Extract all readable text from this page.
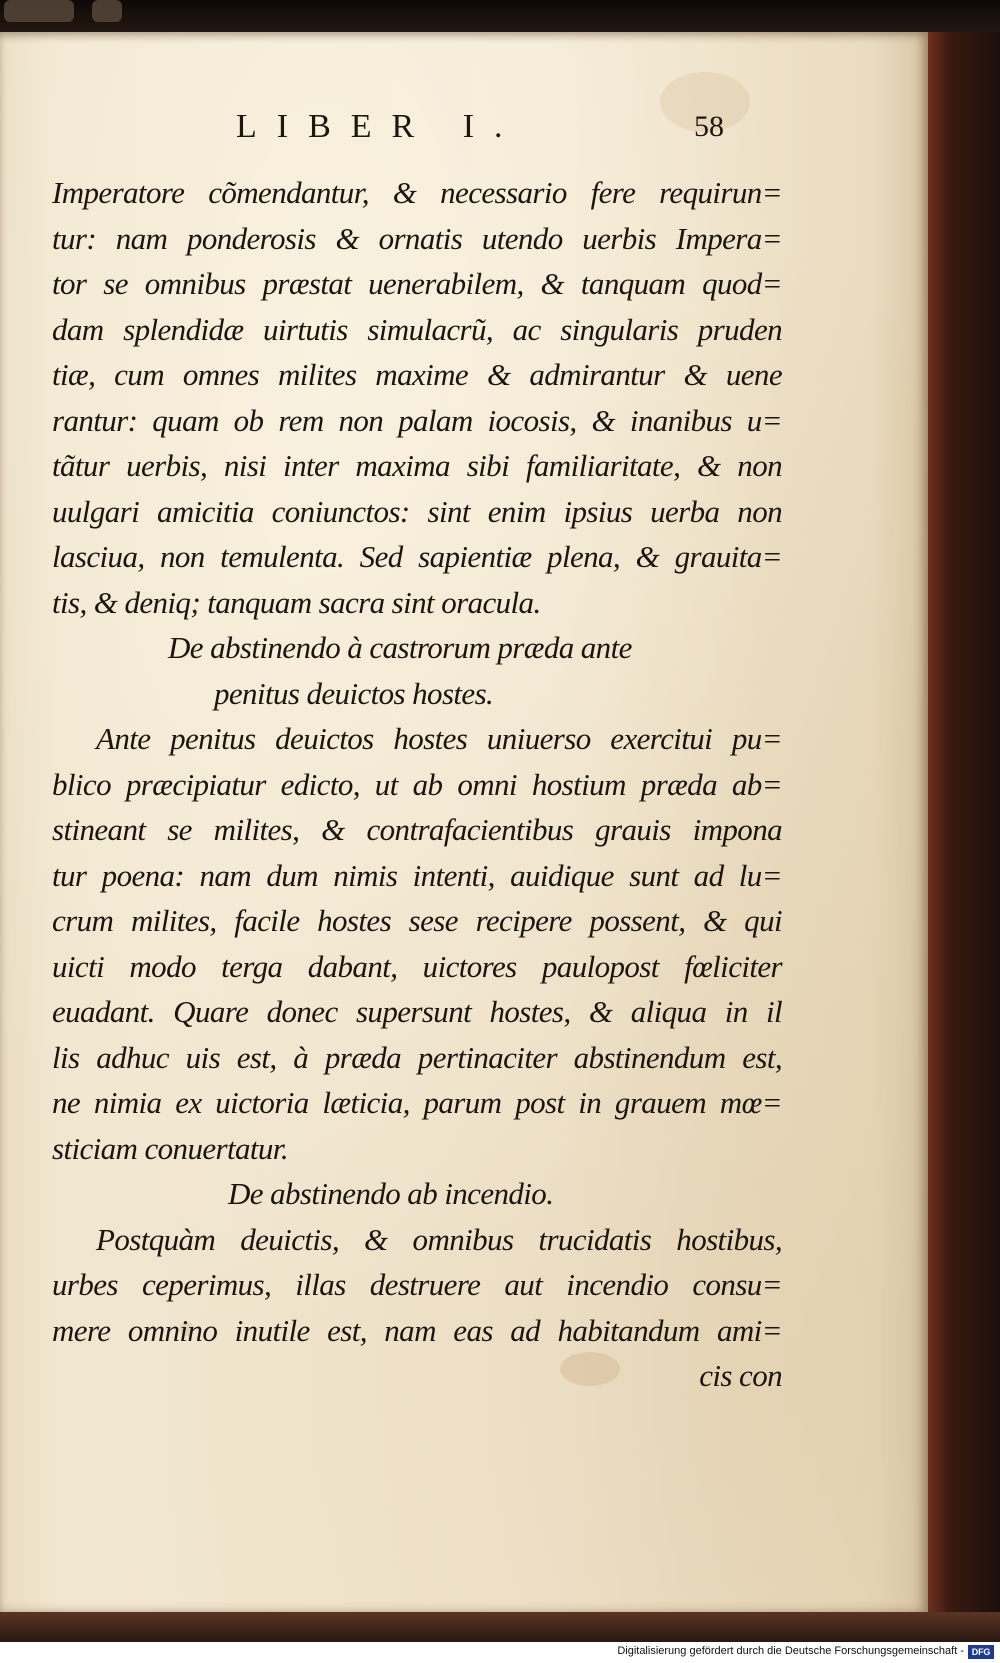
LIBER I.	58
Imperatore cõmendantur, & necessario fere requirun=
tur: nam ponderosis & ornatis utendo uerbis Impera=
tor se omnibus præstat uenerabilem, & tanquam quod=
dam splendidæ uirtutis simulacrũ, ac singularis pruden
tiæ, cum omnes milites maxime & admirantur & uene
rantur: quam ob rem non palam iocosis, & inanibus u=
tãtur uerbis, nisi inter maxima sibi familiaritate, & non
uulgari amicitia coniunctos: sint enim ipsius uerba non
lasciua, non temulenta. Sed sapientiæ plena, & grauita=
tis, & deniq; tanquam sacra sint oracula.
De abstinendo à castrorum præda ante
penitus deuictos hostes.
Ante penitus deuictos hostes uniuerso exercitui pu=
blico præcipiatur edicto, ut ab omni hostium præda ab=
stineant se milites, & contrafacientibus grauis impona
tur poena: nam dum nimis intenti, auidique sunt ad lu=
crum milites, facile hostes sese recipere possent, & qui
uicti modo terga dabant, uictores paulopost fœliciter
euadant. Quare donec supersunt hostes, & aliqua in il
lis adhuc uis est, à præda pertinaciter abstinendum est,
ne nimia ex uictoria læticia, parum post in grauem mœ=
sticiam conuertatur.
De abstinendo ab incendio.
Postquàm deuictis, & omnibus trucidatis hostibus,
urbes ceperimus, illas destruere aut incendio consu=
mere omnino inutile est, nam eas ad habitandum ami=
cis con
Digitalisierung gefördert durch die Deutsche Forschungsgemeinschaft - DFG
